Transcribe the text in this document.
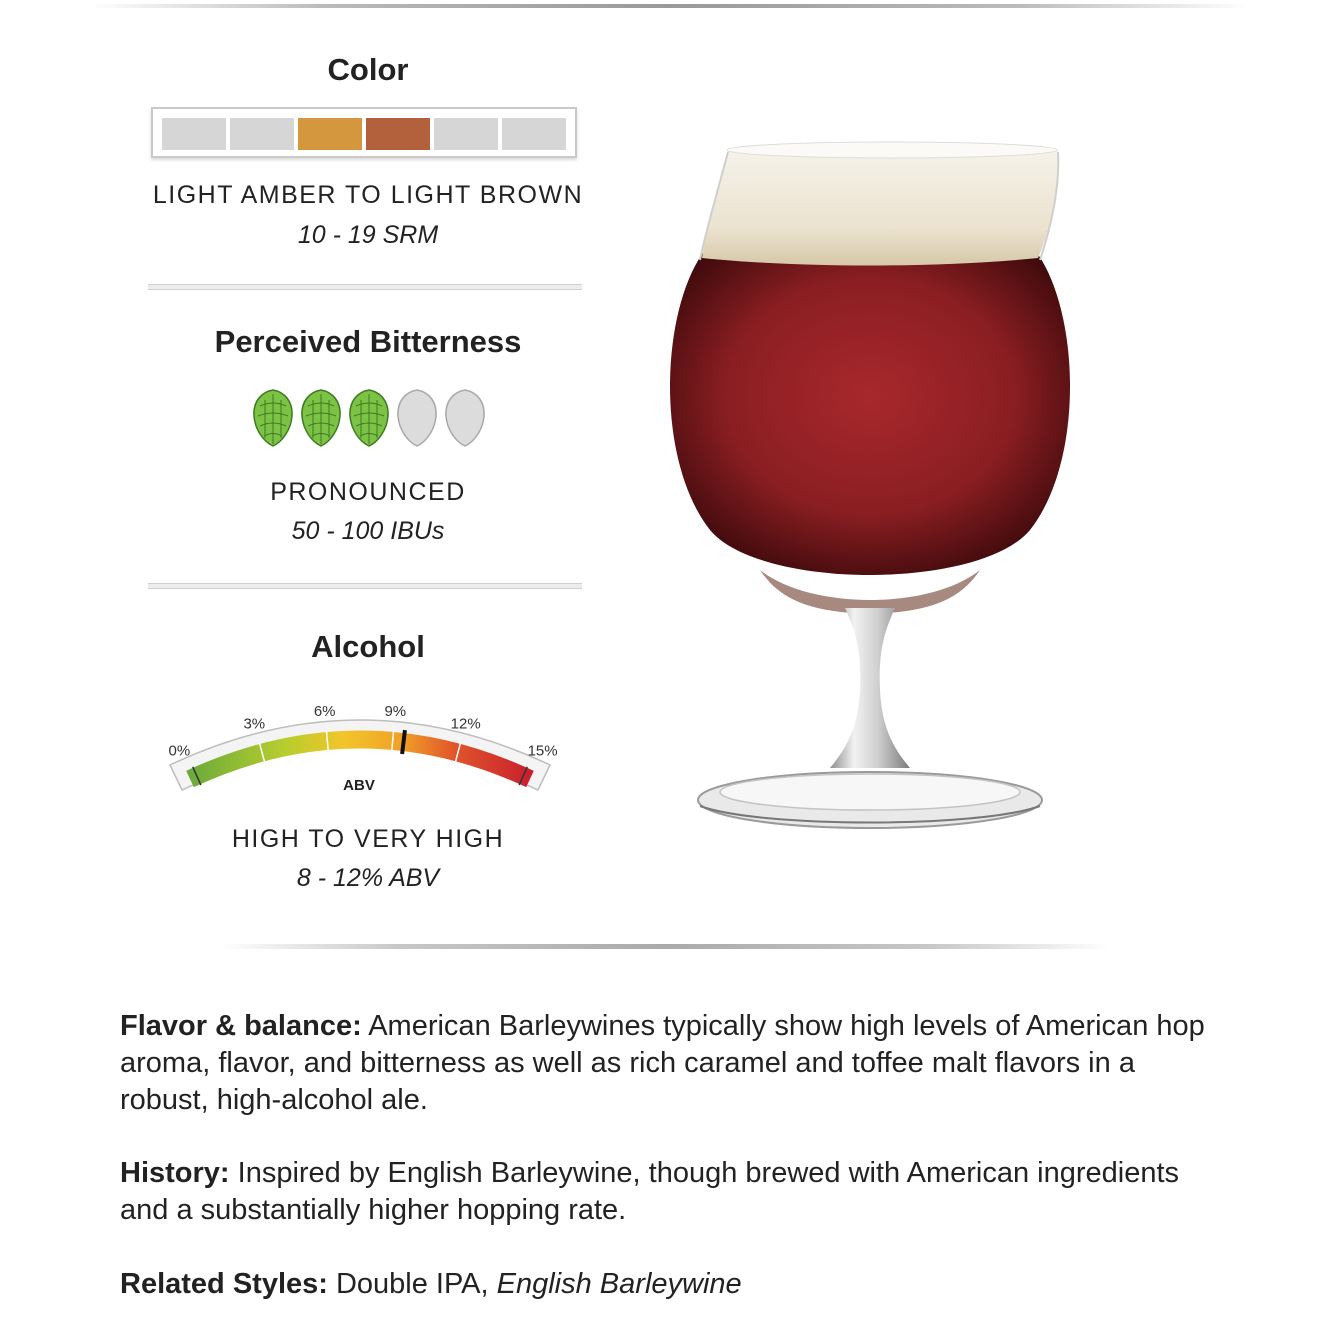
Color
LIGHT AMBER TO LIGHT BROWN
10 - 19 SRM
Perceived Bitterness
PRONOUNCED
50 - 100 IBUs
Alcohol
0%
3%
6%	9%
12%
15%
ABV
HIGH TO VERY HIGH
8 - 12% ABV
Flavor & balance: American Barleywines typically show high levels of American hop aroma, flavor, and bitterness as well as rich caramel and toffee malt flavors in a robust, high-alcohol ale.
History: Inspired by English Barleywine, though brewed with American ingredients and a substantially higher hopping rate.
Related Styles: Double IPA, English Barleywine
